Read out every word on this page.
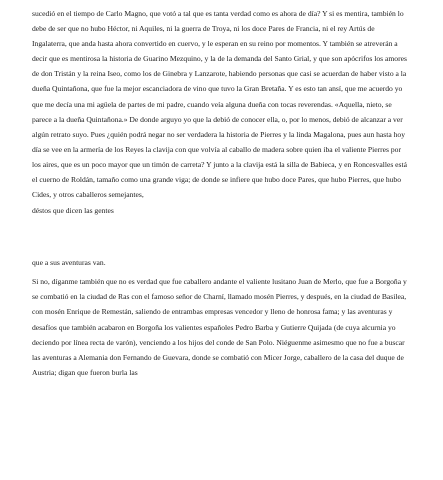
sucedió en el tiempo de Carlo Magno, que votó a tal que es tanta verdad como es ahora de día? Y si es mentira, también lo debe de ser que no hubo Héctor, ni Aquiles, ni la guerra de Troya, ni los doce Pares de Francia, ni el rey Artús de Ingalaterra, que anda hasta ahora convertido en cuervo, y le esperan en su reino por momentos. Y también se atreverán a decir que es mentirosa la historia de Guarino Mezquino, y la de la demanda del Santo Grial, y que son apócrifos los amores de don Tristán y la reina Iseo, como los de Ginebra y Lanzarote, habiendo personas que casi se acuerdan de haber visto a la dueña Quintañona, que fue la mejor escanciadora de vino que tuvo la Gran Bretaña. Y es esto tan ansí, que me acuerdo yo que me decía una mi agüela de partes de mi padre, cuando veía alguna dueña con tocas reverendas. «Aquella, nieto, se parece a la dueña Quintañona.» De donde arguyo yo que la debió de conocer ella, o, por lo menos, debió de alcanzar a ver algún retrato suyo. Pues ¿quién podrá negar no ser verdadera la historia de Pierres y la linda Magalona, pues aun hasta hoy día se vee en la armería de los Reyes la clavija con que volvía al caballo de madera sobre quien iba el valiente Pierres por los aires, que es un poco mayor que un timón de carreta? Y junto a la clavija está la silla de Babieca, y en Roncesvalles está el cuerno de Roldán, tamaño como una grande viga; de donde se infiere que hubo doce Pares, que hubo Pierres, que hubo Cides, y otros caballeros semejantes,

déstos que dicen las gentes

que a sus aventuras van.

Si no, díganme también que no es verdad que fue caballero andante el valiente lusitano Juan de Merlo, que fue a Borgoña y se combatió en la ciudad de Ras con el famoso señor de Charní, llamado mosén Pierres, y después, en la ciudad de Basilea, con mosén Enrique de Remestán, saliendo de entrambas empresas vencedor y lleno de honrosa fama; y las aventuras y desafíos que también acabaron en Borgoña los valientes españoles Pedro Barba y Gutierre Quijada (de cuya alcurnia yo deciendo por línea recta de varón), venciendo a los hijos del conde de San Polo. Niéguenme asimesmo que no fue a buscar las aventuras a Alemania don Fernando de Guevara, donde se combatió con Micer Jorge, caballero de la casa del duque de Austria; digan que fueron burla las
